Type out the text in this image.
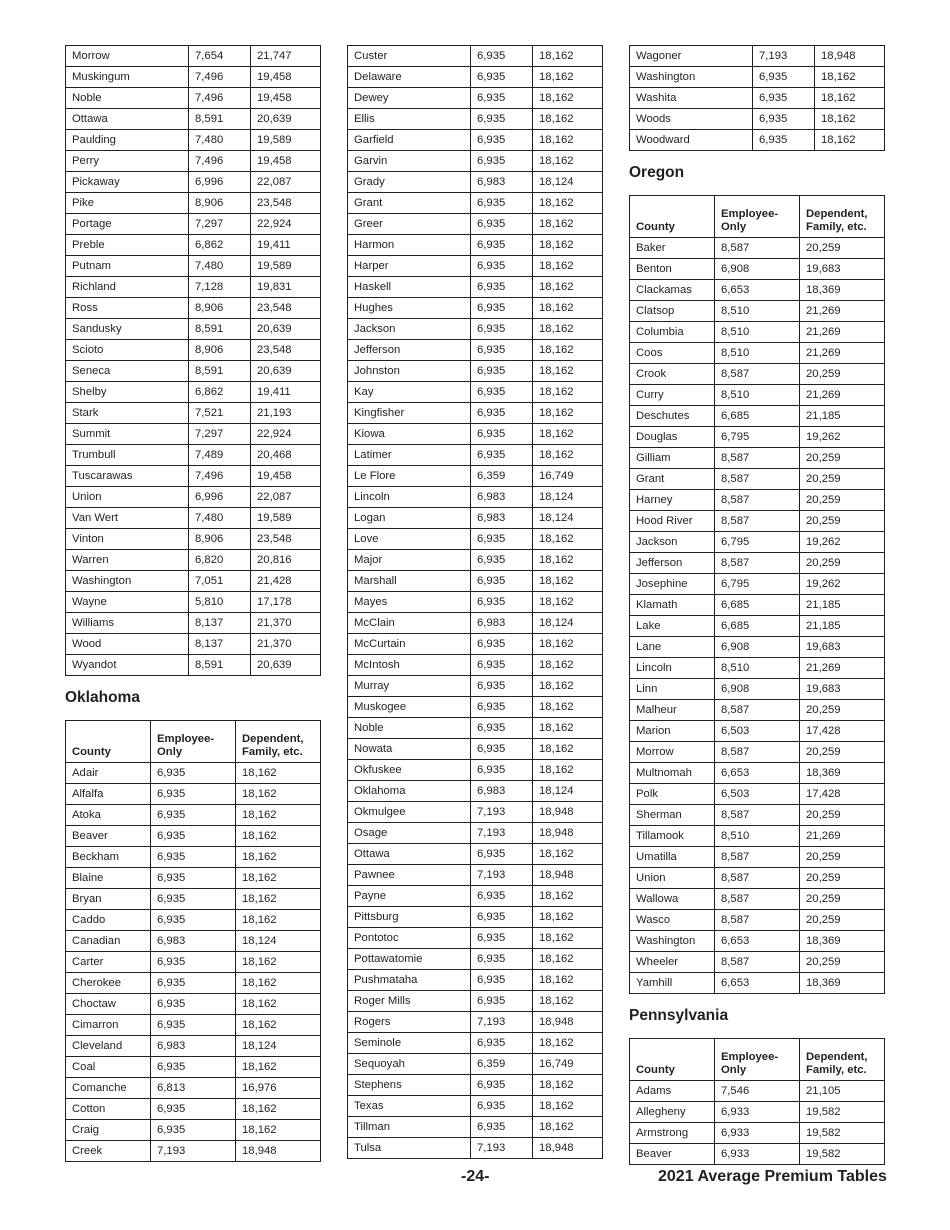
Morrow	7,654	21,747
Muskingum	7,496	19,458
Noble	7,496	19,458
Ottawa	8,591	20,639
Paulding	7,480	19,589
Perry	7,496	19,458
Pickaway	6,996	22,087
Pike	8,906	23,548
Portage	7,297	22,924
Preble	6,862	19,411
Putnam	7,480	19,589
Richland	7,128	19,831
Ross	8,906	23,548
Sandusky	8,591	20,639
Scioto	8,906	23,548
Seneca	8,591	20,639
Shelby	6,862	19,411
Stark	7,521	21,193
Summit	7,297	22,924
Trumbull	7,489	20,468
Tuscarawas	7,496	19,458
Union	6,996	22,087
Van Wert	7,480	19,589
Vinton	8,906	23,548
Warren	6,820	20,816
Washington	7,051	21,428
Wayne	5,810	17,178
Williams	8,137	21,370
Wood	8,137	21,370
Wyandot	8,591	20,639
Oklahoma
County	Employee-Only	Dependent, Family, etc.
Adair	6,935	18,162
Alfalfa	6,935	18,162
Atoka	6,935	18,162
Beaver	6,935	18,162
Beckham	6,935	18,162
Blaine	6,935	18,162
Bryan	6,935	18,162
Caddo	6,935	18,162
Canadian	6,983	18,124
Carter	6,935	18,162
Cherokee	6,935	18,162
Choctaw	6,935	18,162
Cimarron	6,935	18,162
Cleveland	6,983	18,124
Coal	6,935	18,162
Comanche	6,813	16,976
Cotton	6,935	18,162
Craig	6,935	18,162
Creek	7,193	18,948
Custer	6,935	18,162
Delaware	6,935	18,162
Dewey	6,935	18,162
Ellis	6,935	18,162
Garfield	6,935	18,162
Garvin	6,935	18,162
Grady	6,983	18,124
Grant	6,935	18,162
Greer	6,935	18,162
Harmon	6,935	18,162
Harper	6,935	18,162
Haskell	6,935	18,162
Hughes	6,935	18,162
Jackson	6,935	18,162
Jefferson	6,935	18,162
Johnston	6,935	18,162
Kay	6,935	18,162
Kingfisher	6,935	18,162
Kiowa	6,935	18,162
Latimer	6,935	18,162
Le Flore	6,359	16,749
Lincoln	6,983	18,124
Logan	6,983	18,124
Love	6,935	18,162
Major	6,935	18,162
Marshall	6,935	18,162
Mayes	6,935	18,162
McClain	6,983	18,124
McCurtain	6,935	18,162
McIntosh	6,935	18,162
Murray	6,935	18,162
Muskogee	6,935	18,162
Noble	6,935	18,162
Nowata	6,935	18,162
Okfuskee	6,935	18,162
Oklahoma	6,983	18,124
Okmulgee	7,193	18,948
Osage	7,193	18,948
Ottawa	6,935	18,162
Pawnee	7,193	18,948
Payne	6,935	18,162
Pittsburg	6,935	18,162
Pontotoc	6,935	18,162
Pottawatomie	6,935	18,162
Pushmataha	6,935	18,162
Roger Mills	6,935	18,162
Rogers	7,193	18,948
Seminole	6,935	18,162
Sequoyah	6,359	16,749
Stephens	6,935	18,162
Texas	6,935	18,162
Tillman	6,935	18,162
Tulsa	7,193	18,948
Wagoner	7,193	18,948
Washington	6,935	18,162
Washita	6,935	18,162
Woods	6,935	18,162
Woodward	6,935	18,162
Oregon
County	Employee-Only	Dependent, Family, etc.
Baker	8,587	20,259
Benton	6,908	19,683
Clackamas	6,653	18,369
Clatsop	8,510	21,269
Columbia	8,510	21,269
Coos	8,510	21,269
Crook	8,587	20,259
Curry	8,510	21,269
Deschutes	6,685	21,185
Douglas	6,795	19,262
Gilliam	8,587	20,259
Grant	8,587	20,259
Harney	8,587	20,259
Hood River	8,587	20,259
Jackson	6,795	19,262
Jefferson	8,587	20,259
Josephine	6,795	19,262
Klamath	6,685	21,185
Lake	6,685	21,185
Lane	6,908	19,683
Lincoln	8,510	21,269
Linn	6,908	19,683
Malheur	8,587	20,259
Marion	6,503	17,428
Morrow	8,587	20,259
Multnomah	6,653	18,369
Polk	6,503	17,428
Sherman	8,587	20,259
Tillamook	8,510	21,269
Umatilla	8,587	20,259
Union	8,587	20,259
Wallowa	8,587	20,259
Wasco	8,587	20,259
Washington	6,653	18,369
Wheeler	8,587	20,259
Yamhill	6,653	18,369
Pennsylvania
County	Employee-Only	Dependent, Family, etc.
Adams	7,546	21,105
Allegheny	6,933	19,582
Armstrong	6,933	19,582
Beaver	6,933	19,582
-24-	2021 Average Premium Tables
